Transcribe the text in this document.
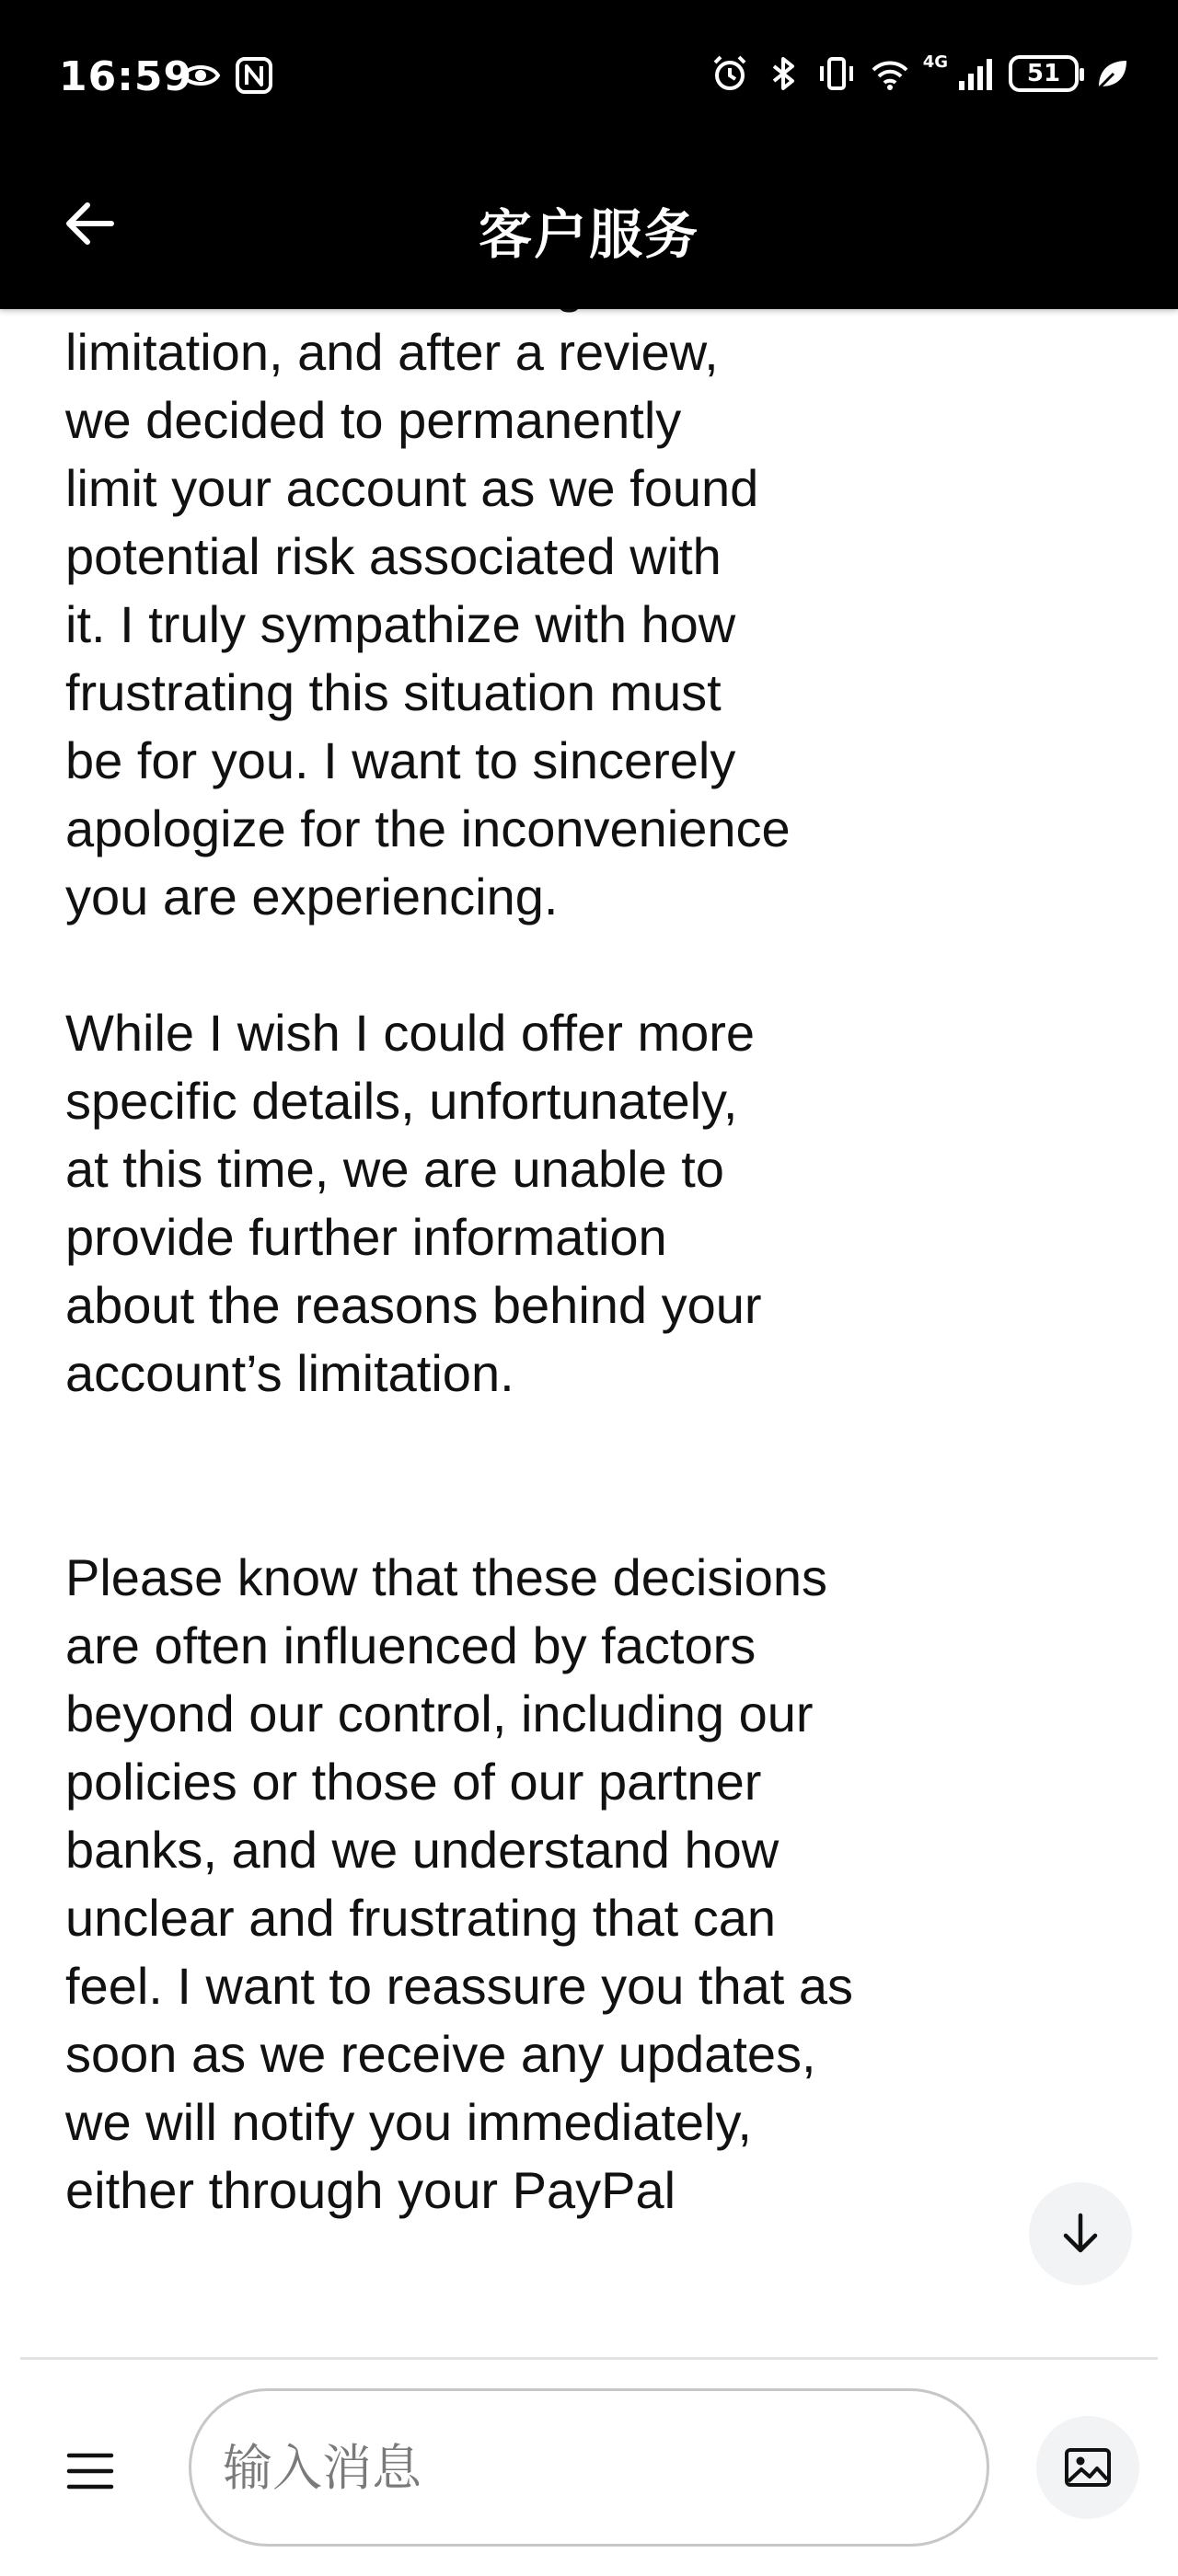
16:59	4G	51
客户服务

limitation, and after a review,
we decided to permanently
limit your account as we found
potential risk associated with
it. I truly sympathize with how
frustrating this situation must
be for you. I want to sincerely
apologize for the inconvenience
you are experiencing.

While I wish I could offer more
specific details, unfortunately,
at this time, we are unable to
provide further information
about the reasons behind your
account’s limitation.

Please know that these decisions
are often influenced by factors
beyond our control, including our
policies or those of our partner
banks, and we understand how
unclear and frustrating that can
feel. I want to reassure you that as
soon as we receive any updates,
we will notify you immediately,
either through your PayPal
输入消息
